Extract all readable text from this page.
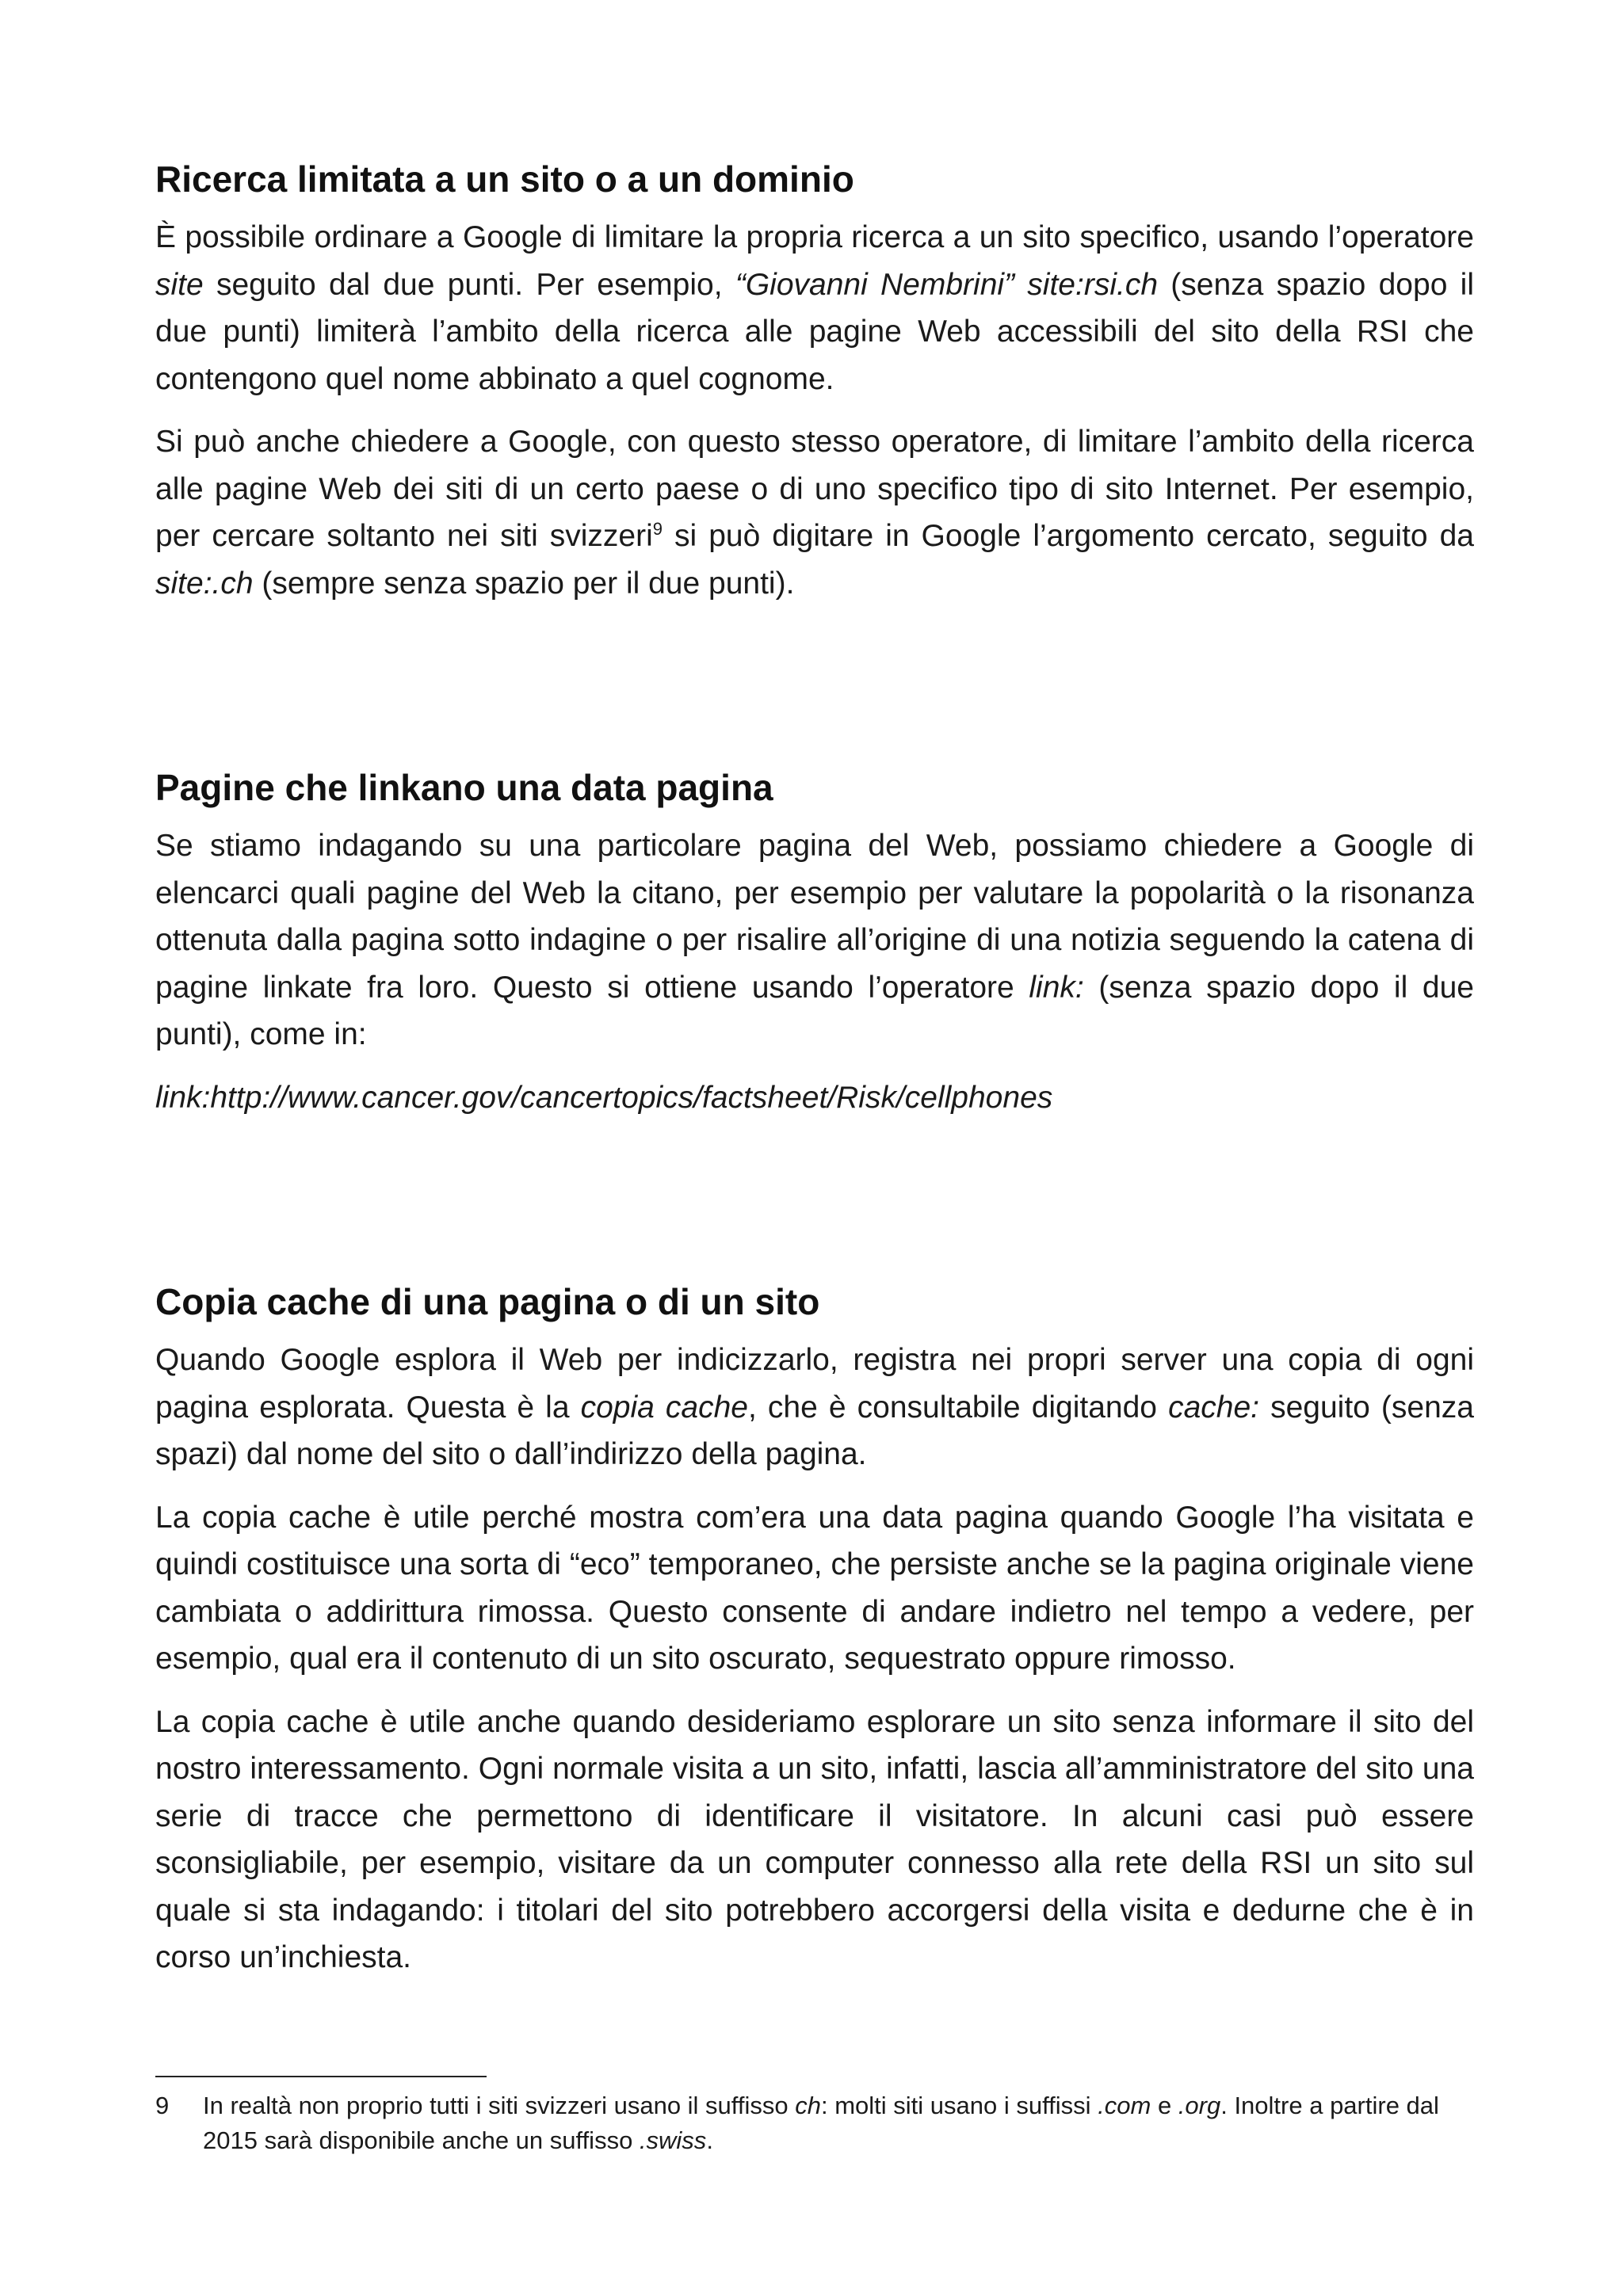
Ricerca limitata a un sito o a un dominio

È possibile ordinare a Google di limitare la propria ricerca a un sito specifico, usando l’operatore site seguito dal due punti. Per esempio, “Giovanni Nembrini” site:rsi.ch (senza spazio dopo il due punti) limiterà l’ambito della ricerca alle pagine Web accessibili del sito della RSI che contengono quel nome abbinato a quel cognome.

Si può anche chiedere a Google, con questo stesso operatore, di limitare l’ambito della ricerca alle pagine Web dei siti di un certo paese o di uno specifico tipo di sito Internet. Per esempio, per cercare soltanto nei siti svizzeri$^9$ si può digitare in Google l’argomento cercato, seguito da site:.ch (sempre senza spazio per il due punti).

Pagine che linkano una data pagina

Se stiamo indagando su una particolare pagina del Web, possiamo chiedere a Google di elencarci quali pagine del Web la citano, per esempio per valutare la popolarità o la risonanza ottenuta dalla pagina sotto indagine o per risalire all’origine di una notizia seguendo la catena di pagine linkate fra loro. Questo si ottiene usando l’operatore link: (senza spazio dopo il due punti), come in:

link:http://www.cancer.gov/cancertopics/factsheet/Risk/cellphones

Copia cache di una pagina o di un sito

Quando Google esplora il Web per indicizzarlo, registra nei propri server una copia di ogni pagina esplorata. Questa è la copia cache, che è consultabile digitando cache: seguito (senza spazi) dal nome del sito o dall’indirizzo della pagina.

La copia cache è utile perché mostra com’era una data pagina quando Google l’ha visitata e quindi costituisce una sorta di “eco” temporaneo, che persiste anche se la pagina originale viene cambiata o addirittura rimossa. Questo consente di andare indietro nel tempo a vedere, per esempio, qual era il contenuto di un sito oscurato, sequestrato oppure rimosso.

La copia cache è utile anche quando desideriamo esplorare un sito senza informare il sito del nostro interessamento. Ogni normale visita a un sito, infatti, lascia all’amministratore del sito una serie di tracce che permettono di identificare il visitatore. In alcuni casi può essere sconsigliabile, per esempio, visitare da un computer connesso alla rete della RSI un sito sul quale si sta indagando: i titolari del sito potrebbero accorgersi della visita e dedurne che è in corso un’inchiesta.

9	In realtà non proprio tutti i siti svizzeri usano il suffisso ch: molti siti usano i suffissi .com e .org. Inoltre a partire dal 2015 sarà disponibile anche un suffisso .swiss.
